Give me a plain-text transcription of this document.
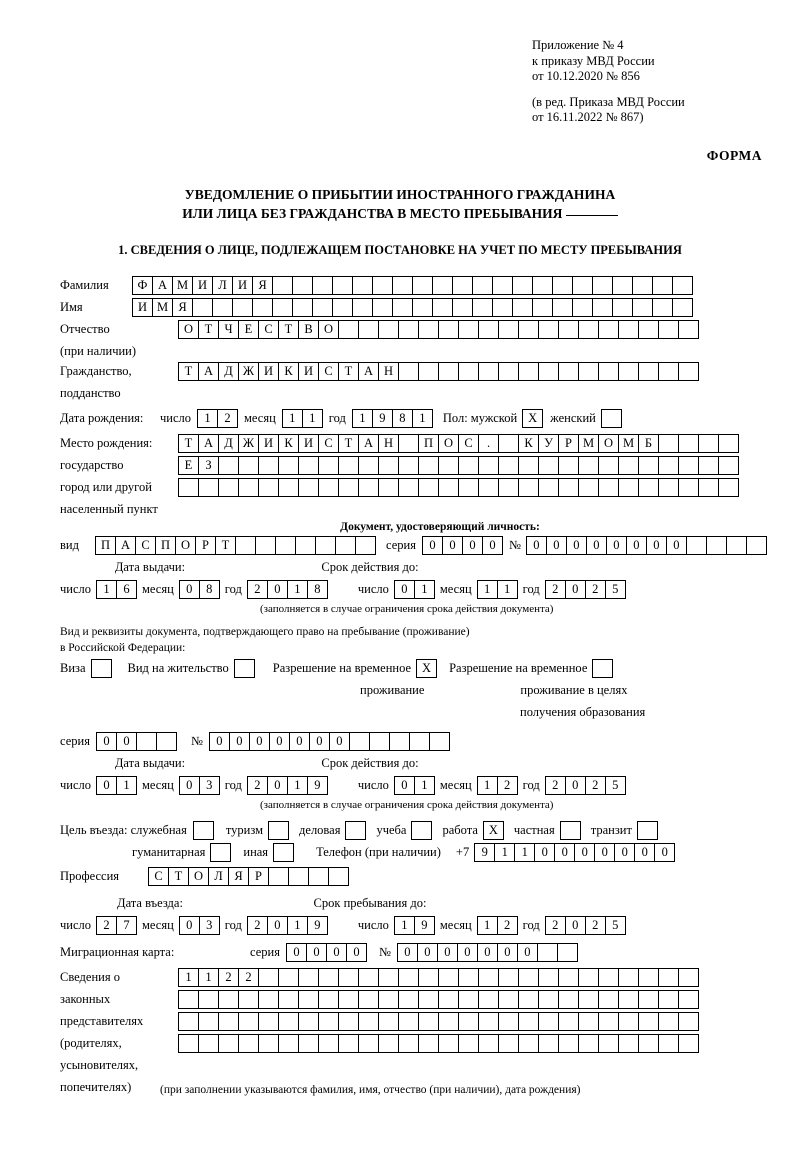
Приложение № 4
к приказу МВД России
от 10.12.2020 № 856
(в ред. Приказа МВД России
от 16.11.2022 № 867)
ФОРМА
УВЕДОМЛЕНИЕ О ПРИБЫТИИ ИНОСТРАННОГО ГРАЖДАНИНА
ИЛИ ЛИЦА БЕЗ ГРАЖДАНСТВА В МЕСТО ПРЕБЫВАНИЯ
1. СВЕДЕНИЯ О ЛИЦЕ, ПОДЛЕЖАЩЕМ ПОСТАНОВКЕ НА УЧЕТ ПО МЕСТУ ПРЕБЫВАНИЯ
Фамилия	Ф А М И Л И Я
Имя	И М Я
Отчество	О Т Ч Е С Т В О
(при наличии)
Гражданство,	Т А Д Ж И К И С Т А Н
подданство
Дата рождения:	число	1	2	месяц	1	1	год	1	9	8	1	Пол: мужской X	женский
Место рождения:	Т А Д Ж И К И С Т А Н	П О С	.	К У Р М О М Б
государство	Е	З
город или другой
населенный пункт
Документ, удостоверяющий личность:
вид	П А С П О Р	Т	серия	0	0	0	0	№ 0	0	0	0	0	0	0	0
Дата выдачи:	Срок действия до:
число 1	6 месяц 0	8 год 2	0	1	8	число 0	1 месяц 1	1 год 2	0	2	5
(заполняется в случае ограничения срока действия документа)
Вид и реквизиты документа, подтверждающего право на пребывание (проживание)
в Российской Федерации:
Виза	Вид на жительство	Разрешение на временное X	Разрешение на временное
проживание	проживание в целях
получения образования
серия	0	0	№	0	0	0	0	0	0	0
Дата выдачи:	Срок действия до:
число 0	1 месяц 0	3 год 2	0	1	9	число 0	1 месяц 1	2 год 2	0	2	5
(заполняется в случае ограничения срока действия документа)
Цель въезда: служебная	туризм	деловая	учеба	работа X	частная	транзит
гуманитарная	иная	Телефон (при наличии) +7 9	1	1	0	0	0	0	0	0	0
Профессия	С Т О Л Я Р
Дата въезда:	Срок пребывания до:
число 2	7 месяц 0	3 год 2	0	1	9	число 1	9 месяц 1	2 год 2	0	2	5
Миграционная карта:	серия	0	0	0	0	№	0	0	0	0	0	0	0
Сведения о	1	1	2	2
законных
представителях
(родителях,
усыновителях,
попечителях)	(при заполнении указываются фамилия, имя, отчество (при наличии), дата рождения)
